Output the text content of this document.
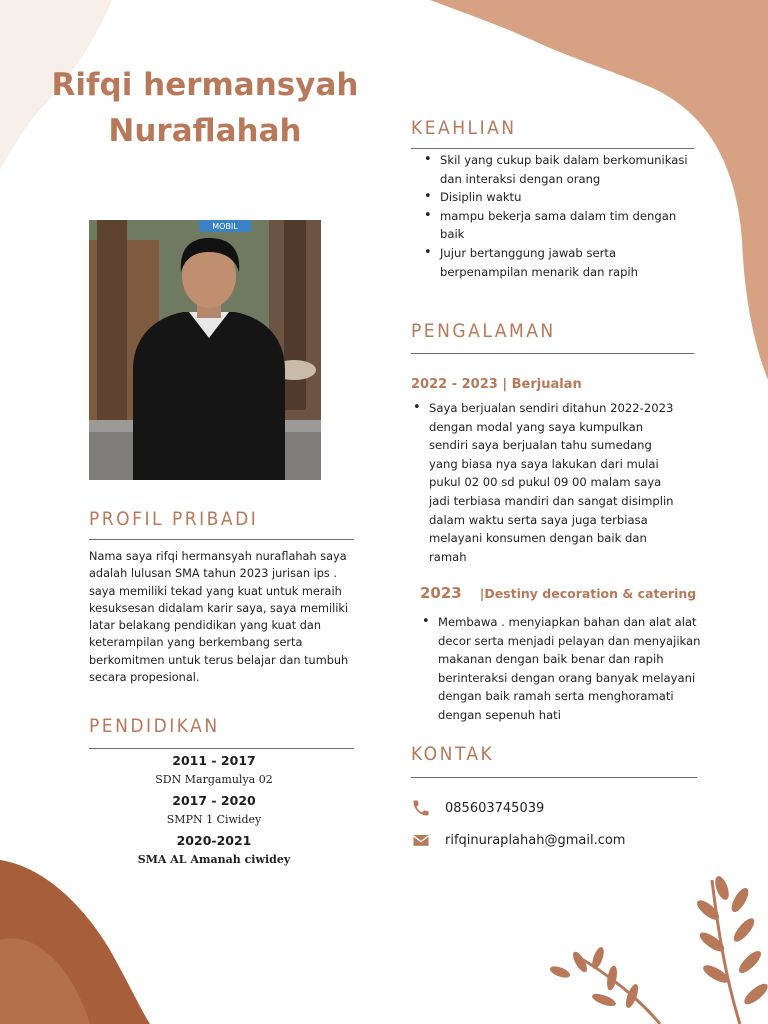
Rifqi hermansyah
Nuraflahah
MOBIL
PROFIL PRIBADI

Nama saya rifqi hermansyah nuraflahah saya adalah lulusan SMA tahun 2023 jurisan ips . saya memiliki tekad yang kuat untuk meraih kesuksesan didalam karir saya, saya memiliki latar belakang pendidikan yang kuat dan keterampilan yang berkembang serta berkomitmen untuk terus belajar dan tumbuh secara propesional.

PENDIDIKAN

2011 - 2017

SDN Margamulya 02

2017 - 2020

SMPN 1 Ciwidey

2020-2021

SMA AL Amanah ciwidey

KEAHLIAN
• Skil yang cukup baik dalam berkomunikasi dan interaksi dengan orang
• Disiplin waktu
• mampu bekerja sama dalam tim dengan baik
• Jujur bertanggung jawab serta berpenampilan menarik dan rapih
PENGALAMAN

2022 - 2023 | Berjualan

• Saya berjualan sendiri ditahun 2022-2023 dengan modal yang saya kumpulkan sendiri saya berjualan tahu sumedang yang biasa nya saya lakukan dari mulai pukul 02 00 sd pukul 09 00 malam saya jadi terbiasa mandiri dan sangat disimplin dalam waktu serta saya juga terbiasa melayani konsumen dengan baik dan ramah

2023 |Destiny decoration & catering

• Membawa . menyiapkan bahan dan alat alat decor serta menjadi pelayan dan menyajikan makanan dengan baik benar dan rapih berinteraksi dengan orang banyak melayani dengan baik ramah serta menghoramati dengan sepenuh hati
KONTAK
085603745039
rifqinuraplahah@gmail.com
